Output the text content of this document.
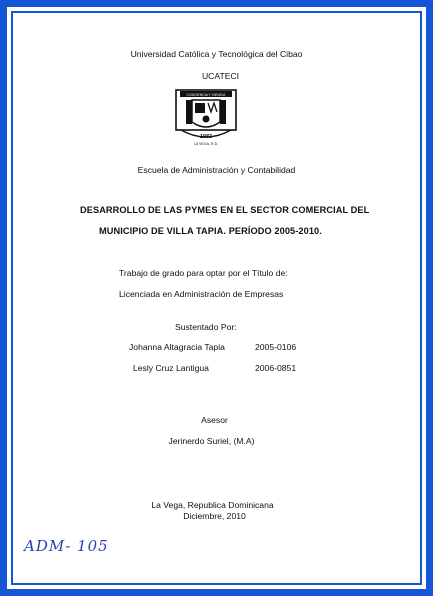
Universidad Católica y Tecnológica del Cibao
UCATECI
1983
LA VEGA, R.D.
CONCIENCIA Y CIENCIA
Escuela de Administración y Contabilidad
DESARROLLO DE LAS PYMES EN EL SECTOR COMERCIAL DEL
MUNICIPIO DE VILLA TAPIA. PERÍODO 2005-2010.
Trabajo de grado para optar por el Título de:
Licenciada en Administración de Empresas
Sustentado Por:
Johanna Altagracia Tapia	2005-0106
Lesly Cruz Lantigua	2006-0851
Asesor
Jerinerdo Suriel, (M.A)
La Vega, Republica Dominicana
Diciembre, 2010
ADM- 105
